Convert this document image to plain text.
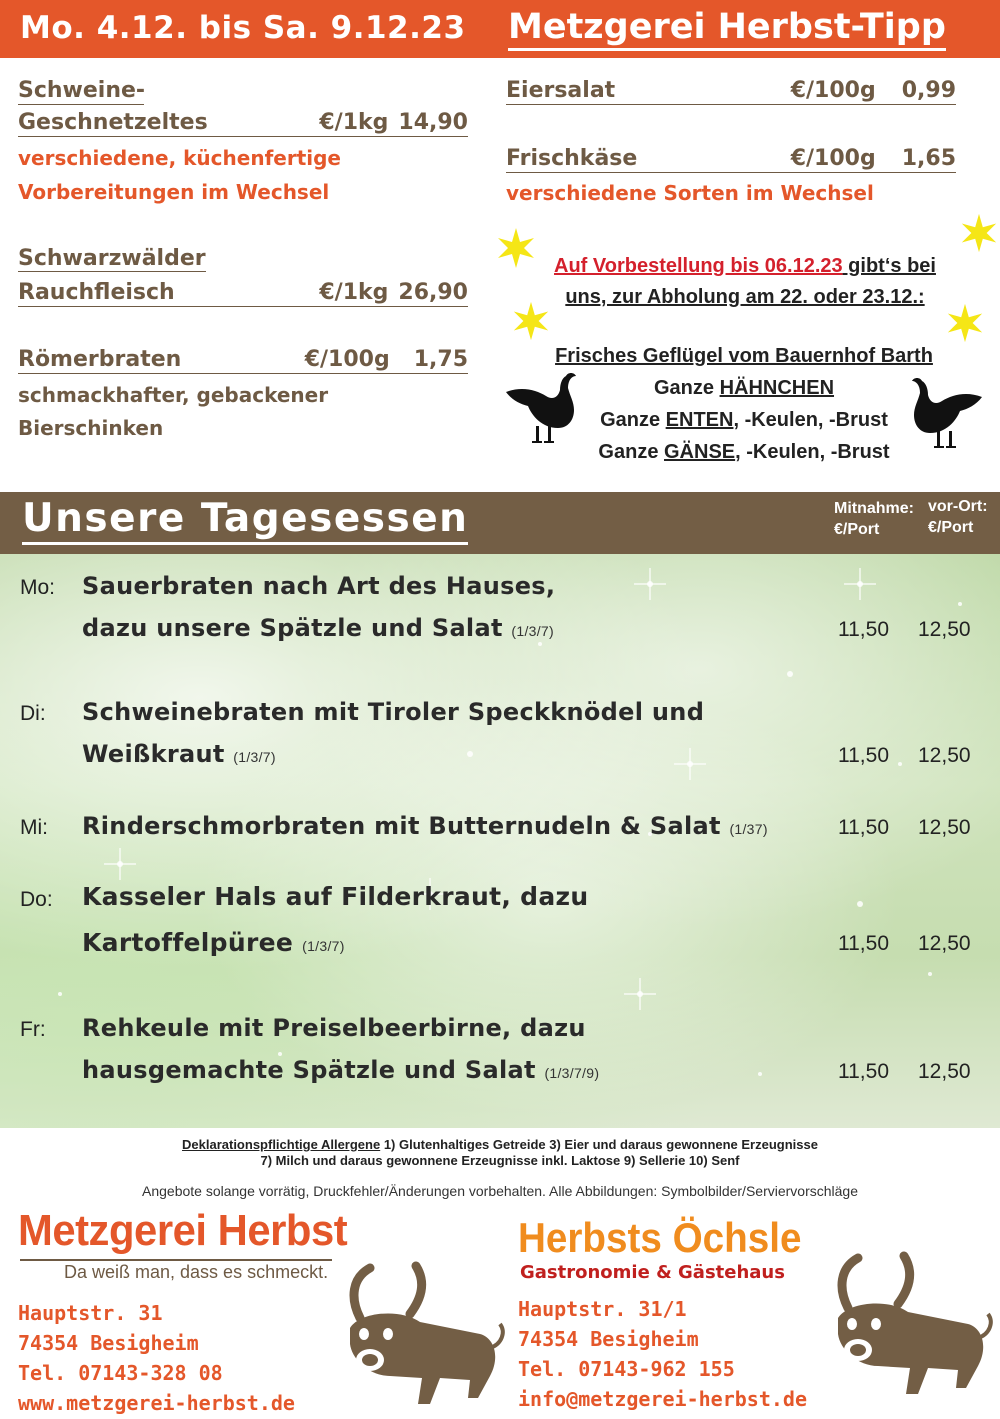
Mo. 4.12. bis Sa. 9.12.23 Metzgerei Herbst-Tipp
Schweine-
Geschnetzeltes	€/1kg 14,90
verschiedene, küchenfertige
Vorbereitungen im Wechsel
Schwarzwälder
Rauchfleisch	€/1kg 26,90
Römerbraten	€/100g 1,75
schmackhafter, gebackener
Bierschinken
Eiersalat	€/100g 0,99
Frischkäse	€/100g 1,65
verschiedene Sorten im Wechsel
Auf Vorbestellung bis 06.12.23 gibt‘s bei
uns, zur Abholung am 22. oder 23.12.:
Frisches Geflügel vom Bauernhof Barth
Ganze HÄHNCHEN
Ganze ENTEN, -Keulen, -Brust
Ganze GÄNSE, -Keulen, -Brust
Unsere Tagesessen	Mitnahme:
€/Port
vor-Ort:
€/Port
Mo: Sauerbraten nach Art des Hauses,
dazu unsere Spätzle und Salat (1/3/7)	11,50 12,50
Di: Schweinebraten mit Tiroler Speckknödel und
Weißkraut (1/3/7)	11,50 12,50
Mi: Rinderschmorbraten mit Butternudeln & Salat (1/37)	11,50 12,50
Do: Kasseler Hals auf Filderkraut, dazu
Kartoffelpüree (1/3/7)	11,50 12,50
Fr: Rehkeule mit Preiselbeerbirne, dazu
hausgemachte Spätzle und Salat (1/3/7/9)	11,50 12,50
Deklarationspflichtige Allergene 1) Glutenhaltiges Getreide 3) Eier und daraus gewonnene Erzeugnisse
7) Milch und daraus gewonnene Erzeugnisse inkl. Laktose 9) Sellerie 10) Senf
Angebote solange vorrätig, Druckfehler/Änderungen vorbehalten. Alle Abbildungen: Symbolbilder/Serviervorschläge
Metzgerei Herbst
Da weiß man, dass es schmeckt.
Hauptstr. 31
74354 Besigheim
Tel. 07143-328 08
www.metzgerei-herbst.de
Herbsts Öchsle
Gastronomie & Gästehaus
Hauptstr. 31/1
74354 Besigheim
Tel. 07143-962 155
info@metzgerei-herbst.de
